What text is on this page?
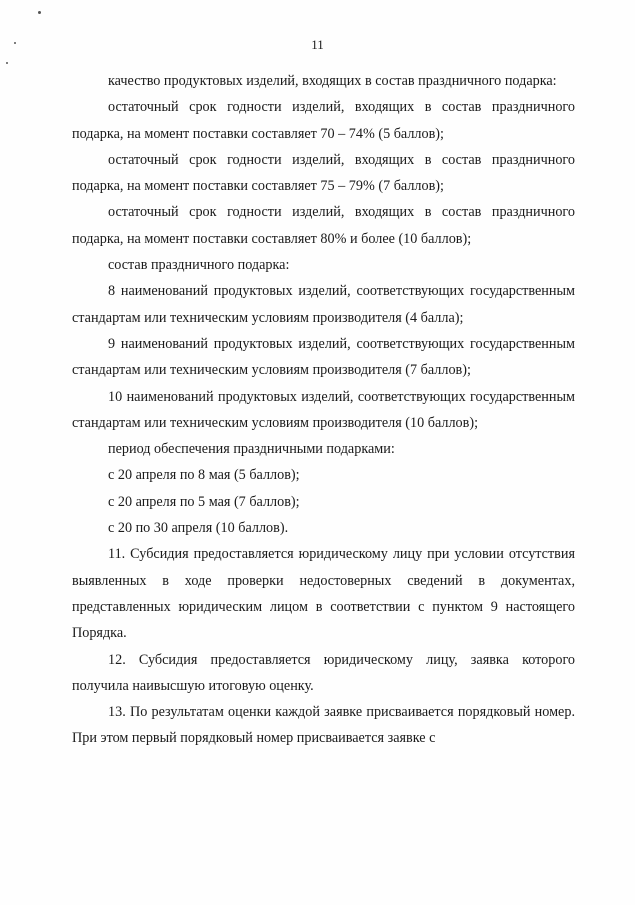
11

качество продуктовых изделий, входящих в состав праздничного подарка:

остаточный срок годности изделий, входящих в состав праздничного подарка, на момент поставки составляет 70 – 74% (5 баллов);

остаточный срок годности изделий, входящих в состав праздничного подарка, на момент поставки составляет 75 – 79% (7 баллов);

остаточный срок годности изделий, входящих в состав праздничного подарка, на момент поставки составляет 80% и более (10 баллов);

состав праздничного подарка:

8 наименований продуктовых изделий, соответствующих государственным стандартам или техническим условиям производителя (4 балла);

9 наименований продуктовых изделий, соответствующих государственным стандартам или техническим условиям производителя (7 баллов);

10 наименований продуктовых изделий, соответствующих государственным стандартам или техническим условиям производителя (10 баллов);

период обеспечения праздничными подарками:

с 20 апреля по 8 мая (5 баллов);

с 20 апреля по 5 мая (7 баллов);

с 20 по 30 апреля (10 баллов).

11. Субсидия предоставляется юридическому лицу при условии отсутствия выявленных в ходе проверки недостоверных сведений в документах, представленных юридическим лицом в соответствии с пунктом 9 настоящего Порядка.

12. Субсидия предоставляется юридическому лицу, заявка которого получила наивысшую итоговую оценку.

13. По результатам оценки каждой заявке присваивается порядковый номер. При этом первый порядковый номер присваивается заявке с
